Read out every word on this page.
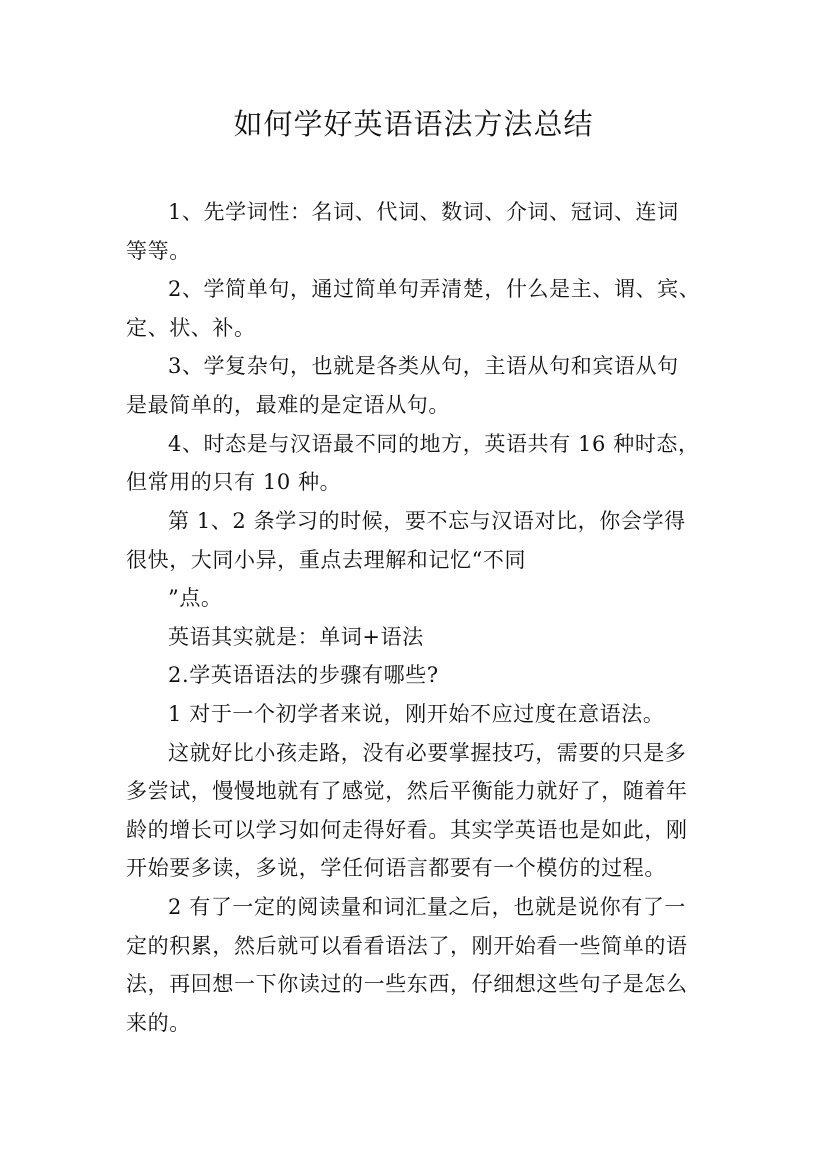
如何学好英语语法方法总结

1、先学词性：名词、代词、数词、介词、冠词、连词

等等。

2、学简单句，通过简单句弄清楚，什么是主、谓、宾、

定、状、补。

3、学复杂句，也就是各类从句，主语从句和宾语从句

是最简单的，最难的是定语从句。

4、时态是与汉语最不同的地方，英语共有 16 种时态，

但常用的只有 10 种。

第 1、2 条学习的时候，要不忘与汉语对比，你会学得

很快，大同小异，重点去理解和记忆“不同

”点。

英语其实就是：单词+语法

2.学英语语法的步骤有哪些?

1 对于一个初学者来说，刚开始不应过度在意语法。

这就好比小孩走路，没有必要掌握技巧，需要的只是多

多尝试，慢慢地就有了感觉，然后平衡能力就好了，随着年

龄的增长可以学习如何走得好看。其实学英语也是如此，刚

开始要多读，多说，学任何语言都要有一个模仿的过程。

2 有了一定的阅读量和词汇量之后，也就是说你有了一

定的积累，然后就可以看看语法了，刚开始看一些简单的语

法，再回想一下你读过的一些东西，仔细想这些句子是怎么

来的。
